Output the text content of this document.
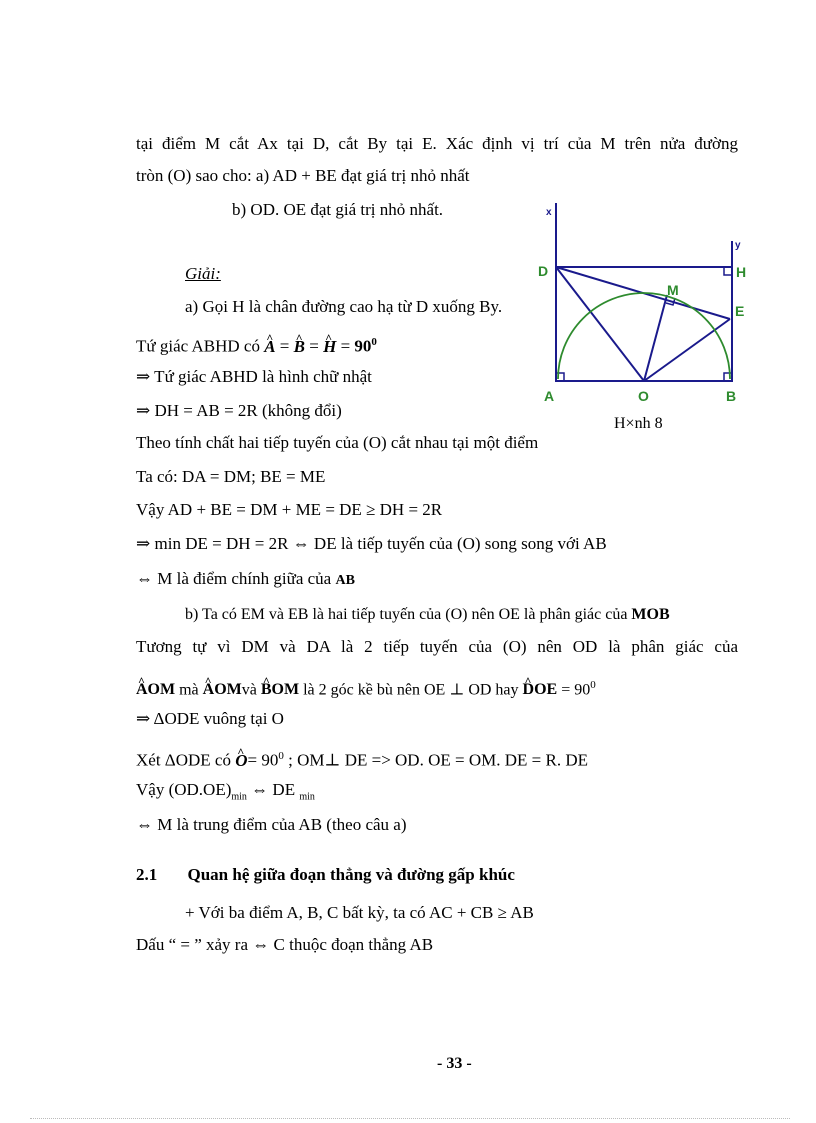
tại điểm M cắt Ax tại D, cắt By tại E. Xác định vị trí của M trên nửa đường
tròn (O) sao cho: a) AD + BE đạt giá trị nhỏ nhất
b) OD. OE đạt giá trị nhỏ nhất.
Giải:
a) Gọi H là chân đường cao hạ từ D xuống By.
Tứ giác ABHD có ^ A = ^ B = ^ $H = 90^0$
⇒ Tứ giác ABHD là hình chữ nhật
⇒ DH = AB = 2R (không đổi)
Theo tính chất hai tiếp tuyến của (O) cắt nhau tại một điểm
Ta có: DA = DM; BE = ME
Vậy AD + BE = DM + ME = DE ≥ DH = 2R
⇒ min DE = DH = 2R ⇔ DE là tiếp tuyến của (O) song song với AB
⇔ M là điểm chính giữa của AB
b) Ta có EM và EB là hai tiếp tuyến của (O) nên OE là phân giác của MOB
Tương tự vì DM và DA là 2 tiếp tuyến của (O) nên OD là phân giác của
^ AOM mà ^ AOMvà ^ BOM là 2 góc kề bù nên OE ⊥ OD hay ^ DOE = $90^0$
⇒ ΔODE vuông tại O
Xét ΔODE có ^ $O= 90^0$ ; OM⊥ DE => OD. OE = OM. DE = R. DE
Vậy $(OD.OE)_{min}$ ⇔ DE $_{min}$
⇔ M là trung điểm của AB (theo câu a)
2.1 Quan hệ giữa đoạn thẳng và đường gấp khúc
+ Với ba điểm A, B, C bất kỳ, ta có AC + CB ≥ AB
Dấu “ = ” xảy ra ⇔ C thuộc đoạn thẳng AB
x
y
D	H
M
E
A	O	B
H×nh 8
- 33 -
